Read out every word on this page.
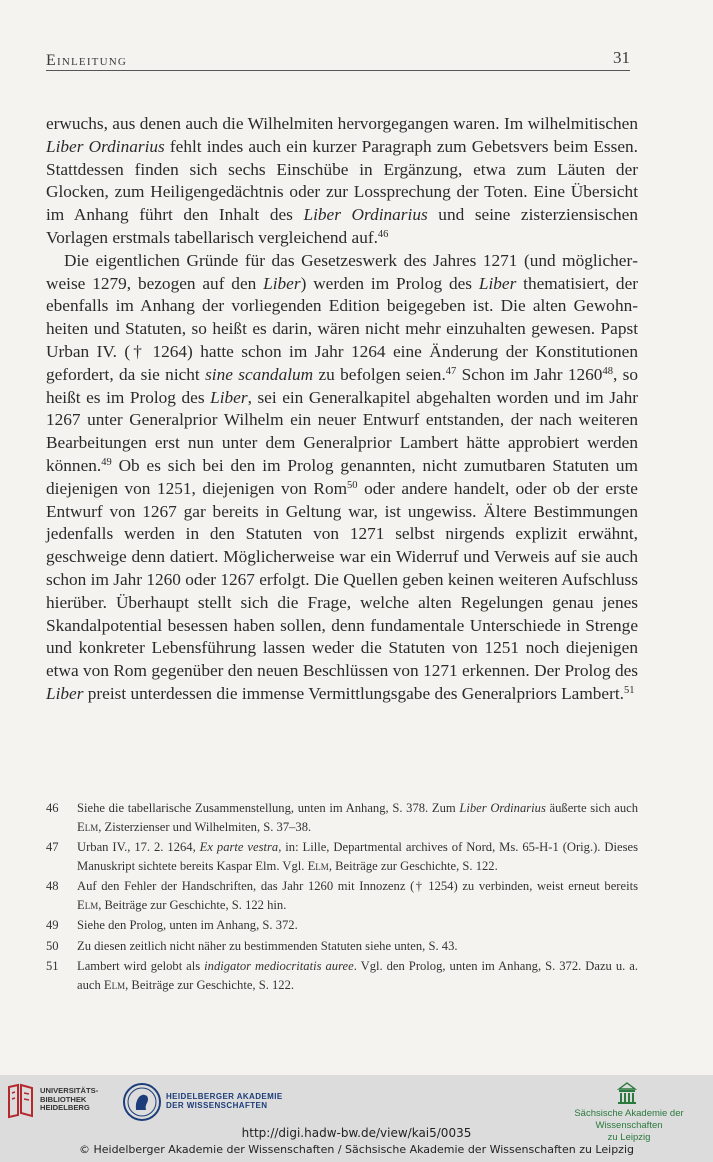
Einleitung	31

erwuchs, aus denen auch die Wilhelmiten hervorgegangen waren. Im wilhelmitischen Liber Ordinarius fehlt indes auch ein kurzer Paragraph zum Gebetsvers beim Essen. Stattdessen finden sich sechs Einschübe in Ergänzung, etwa zum Läuten der Glocken, zum Heiligengedächtnis oder zur Lossprechung der Toten. Eine Übersicht im Anhang führt den Inhalt des Liber Ordinarius und seine zisterziensischen Vorlagen erstmals tabellarisch vergleichend auf.$^{46}$

Die eigentlichen Gründe für das Gesetzeswerk des Jahres 1271 (und möglicherweise 1279, bezogen auf den Liber) werden im Prolog des Liber thematisiert, der ebenfalls im Anhang der vorliegenden Edition beigegeben ist. Die alten Gewohnheiten und Statuten, so heißt es darin, wären nicht mehr einzuhalten gewesen. Papst Urban IV. († 1264) hatte schon im Jahr 1264 eine Änderung der Konstitutionen gefordert, da sie nicht sine scandalum zu befolgen seien.$^{47}$ Schon im Jahr 1260$^{48}$, so heißt es im Prolog des Liber, sei ein Generalkapitel abgehalten worden und im Jahr 1267 unter Generalprior Wilhelm ein neuer Entwurf entstanden, der nach weiteren Bearbeitungen erst nun unter dem Generalprior Lambert hätte approbiert werden können.$^{49}$ Ob es sich bei den im Prolog genannten, nicht zumutbaren Statuten um diejenigen von 1251, diejenigen von Rom$^{50}$ oder andere handelt, oder ob der erste Entwurf von 1267 gar bereits in Geltung war, ist ungewiss. Ältere Bestimmungen jedenfalls werden in den Statuten von 1271 selbst nirgends explizit erwähnt, geschweige denn datiert. Möglicherweise war ein Widerruf und Verweis auf sie auch schon im Jahr 1260 oder 1267 erfolgt. Die Quellen geben keinen weiteren Aufschluss hierüber. Überhaupt stellt sich die Frage, welche alten Regelungen genau jenes Skandalpotential besessen haben sollen, denn fundamentale Unterschiede in Strenge und konkreter Lebensführung lassen weder die Statuten von 1251 noch diejenigen etwa von Rom gegenüber den neuen Beschlüssen von 1271 erkennen. Der Prolog des Liber preist unterdessen die immense Vermittlungsgabe des Generalpriors Lambert.$^{51}$

46 Siehe die tabellarische Zusammenstellung, unten im Anhang, S. 378. Zum Liber Ordinarius äußerte sich auch Elm, Zisterzienser und Wilhelmiten, S. 37–38.
47 Urban IV., 17. 2. 1264, Ex parte vestra, in: Lille, Departmental archives of Nord, Ms. 65-H-1 (Orig.). Dieses Manuskript sichtete bereits Kaspar Elm. Vgl. Elm, Beiträge zur Geschichte, S. 122.
48 Auf den Fehler der Handschriften, das Jahr 1260 mit Innozenz († 1254) zu verbinden, weist erneut bereits Elm, Beiträge zur Geschichte, S. 122 hin.
49 Siehe den Prolog, unten im Anhang, S. 372.
50 Zu diesen zeitlich nicht näher zu bestimmenden Statuten siehe unten, S. 43.
51 Lambert wird gelobt als indigator mediocritatis auree. Vgl. den Prolog, unten im Anhang, S. 372. Dazu u. a. auch Elm, Beiträge zur Geschichte, S. 122.
UNIVERSITÄTS-
BIBLIOTHEK
HEIDELBERG
HEIDELBERGER AKADEMIE
DER WISSENSCHAFTEN
Sächsische Akademie der Wissenschaften
zu Leipzig
http://digi.hadw-bw.de/view/kai5/0035
© Heidelberger Akademie der Wissenschaften / Sächsische Akademie der Wissenschaften zu Leipzig
